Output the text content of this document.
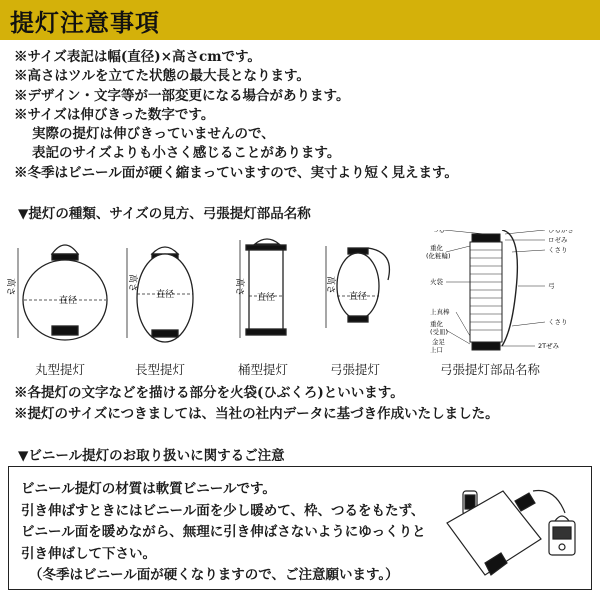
提灯注意事項
※サイズ表記は幅(直径)×高さcmです。
※高さはツルを立てた状態の最大長となります。
※デザイン・文字等が一部変更になる場合があります。
※サイズは伸びきった数字です。
実際の提灯は伸びきっていませんので、
表記のサイズよりも小さく感じることがあります。
※冬季はビニール面が硬く縮まっていますので、実寸より短く見えます。
▼提灯の種類、サイズの見方、弓張提灯部品名称
直径
高さ	直径
高さ
直径
高さ
直径
高さ
つる
重化
(化粧輪)
火袋
上真棒
重化
(受皿)
金足
上口
ひるかぎ
ロゼみ
くさり
弓
くさり
2Tぜみ
丸型提灯	長型提灯	桶型提灯	弓張提灯	弓張提灯部品名称
※各提灯の文字などを描ける部分を火袋(ひぶくろ)といいます。
※提灯のサイズにつきましては、当社の社内データに基づき作成いたしました。
▼ビニール提灯のお取り扱いに関するご注意
ビニール提灯の材質は軟質ビニールです。
引き伸ばすときにはビニール面を少し暖めて、枠、つるをもたず、
ビニール面を暖めながら、無理に引き伸ばさないようにゆっくりと
引き伸ばして下さい。
（冬季はビニール面が硬くなりますので、ご注意願います。）
